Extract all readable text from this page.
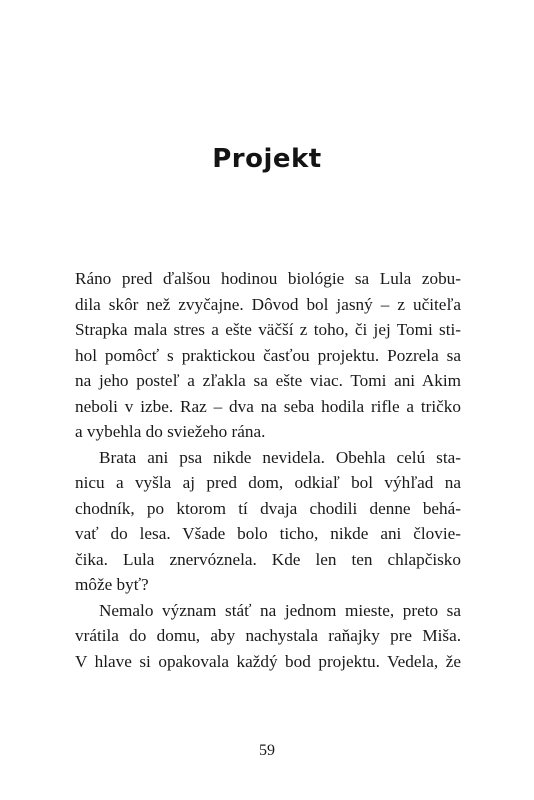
Projekt
Ráno pred ďalšou hodinou biológie sa Lula zobu-
dila skôr než zvyčajne. Dôvod bol jasný – z učiteľa
Strapka mala stres a ešte väčší z toho, či jej Tomi sti-
hol pomôcť s praktickou časťou projektu. Pozrela sa
na jeho posteľ a zľakla sa ešte viac. Tomi ani Akim
neboli v izbe. Raz – dva na seba hodila rifle a tričko
a vybehla do sviežeho rána.
Brata ani psa nikde nevidela. Obehla celú sta-
nicu a vyšla aj pred dom, odkiaľ bol výhľad na
chodník, po ktorom tí dvaja chodili denne behá-
vať do lesa. Všade bolo ticho, nikde ani človie-
čika. Lula znervóznela. Kde len ten chlapčisko
môže byť?
Nemalo význam stáť na jednom mieste, preto sa
vrátila do domu, aby nachystala raňajky pre Miša.
V hlave si opakovala každý bod projektu. Vedela, že
59
